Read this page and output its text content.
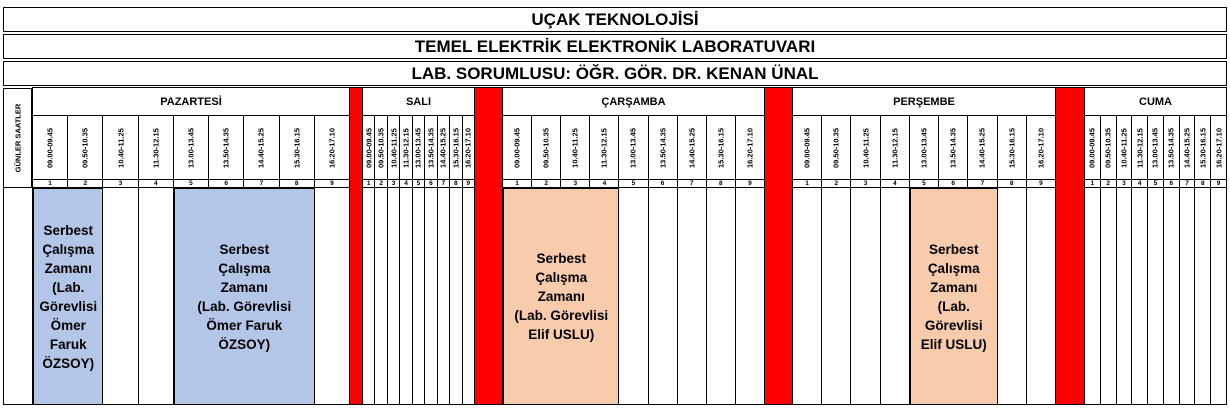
UÇAK TEKNOLOJİSİ
TEMEL ELEKTRİK ELEKTRONİK LABORATUVARI
LAB. SORUMLUSU: ÖĞR. GÖR. DR. KENAN ÜNAL
GÜNLER SAATLER
PAZARTESİ
09.00-09.45
1
09.50-10.35
2
10.40-11.25
3
11.30-12.15
4
13.00-13.45
5
13.50-14.35
6
14.40-15.25
7
15.30-16.15
8
16.20-17.10
9
SALI
09.00-09.45
1
09.50-10.35
2
10.40-11.25
3
11.30-12.15
4
13.00-13.45
5
13.50-14.35
6
14.40-15.25
7
15.30-16.15
8
16.20-17.10
9
ÇARŞAMBA
09.00-09.45
1
09.50-10.35
2
10.40-11.25
3
11.30-12.15
4
13.00-13.45
5
13.50-14.35
6
14.40-15.25
7
15.30-16.15
8
16.20-17.10
9
PERŞEMBE
09.00-09.45
1
09.50-10.35
2
10.40-11.25
3
11.30-12.15
4
13.00-13.45
5
13.50-14.35
6
14.40-15.25
7
15.30-16.15
8
16.20-17.10
9
CUMA
09.00-09.45
1
09.50-10.35
2
10.40-11.25
3
11.30-12.15
4
13.00-13.45
5
13.50-14.35
6
14.40-15.25
7
15.30-16.15
8
16.20-17.10
9
Serbest Çalışma
Zamanı
(Lab. Görevlisi
Ömer Faruk
ÖZSOY)
Serbest
Çalışma
Zamanı
(Lab. Görevlisi
Ömer Faruk
ÖZSOY)
Serbest
Çalışma
Zamanı
(Lab. Görevlisi
Elif USLU)
Serbest
Çalışma
Zamanı
(Lab.
Görevlisi
Elif USLU)
